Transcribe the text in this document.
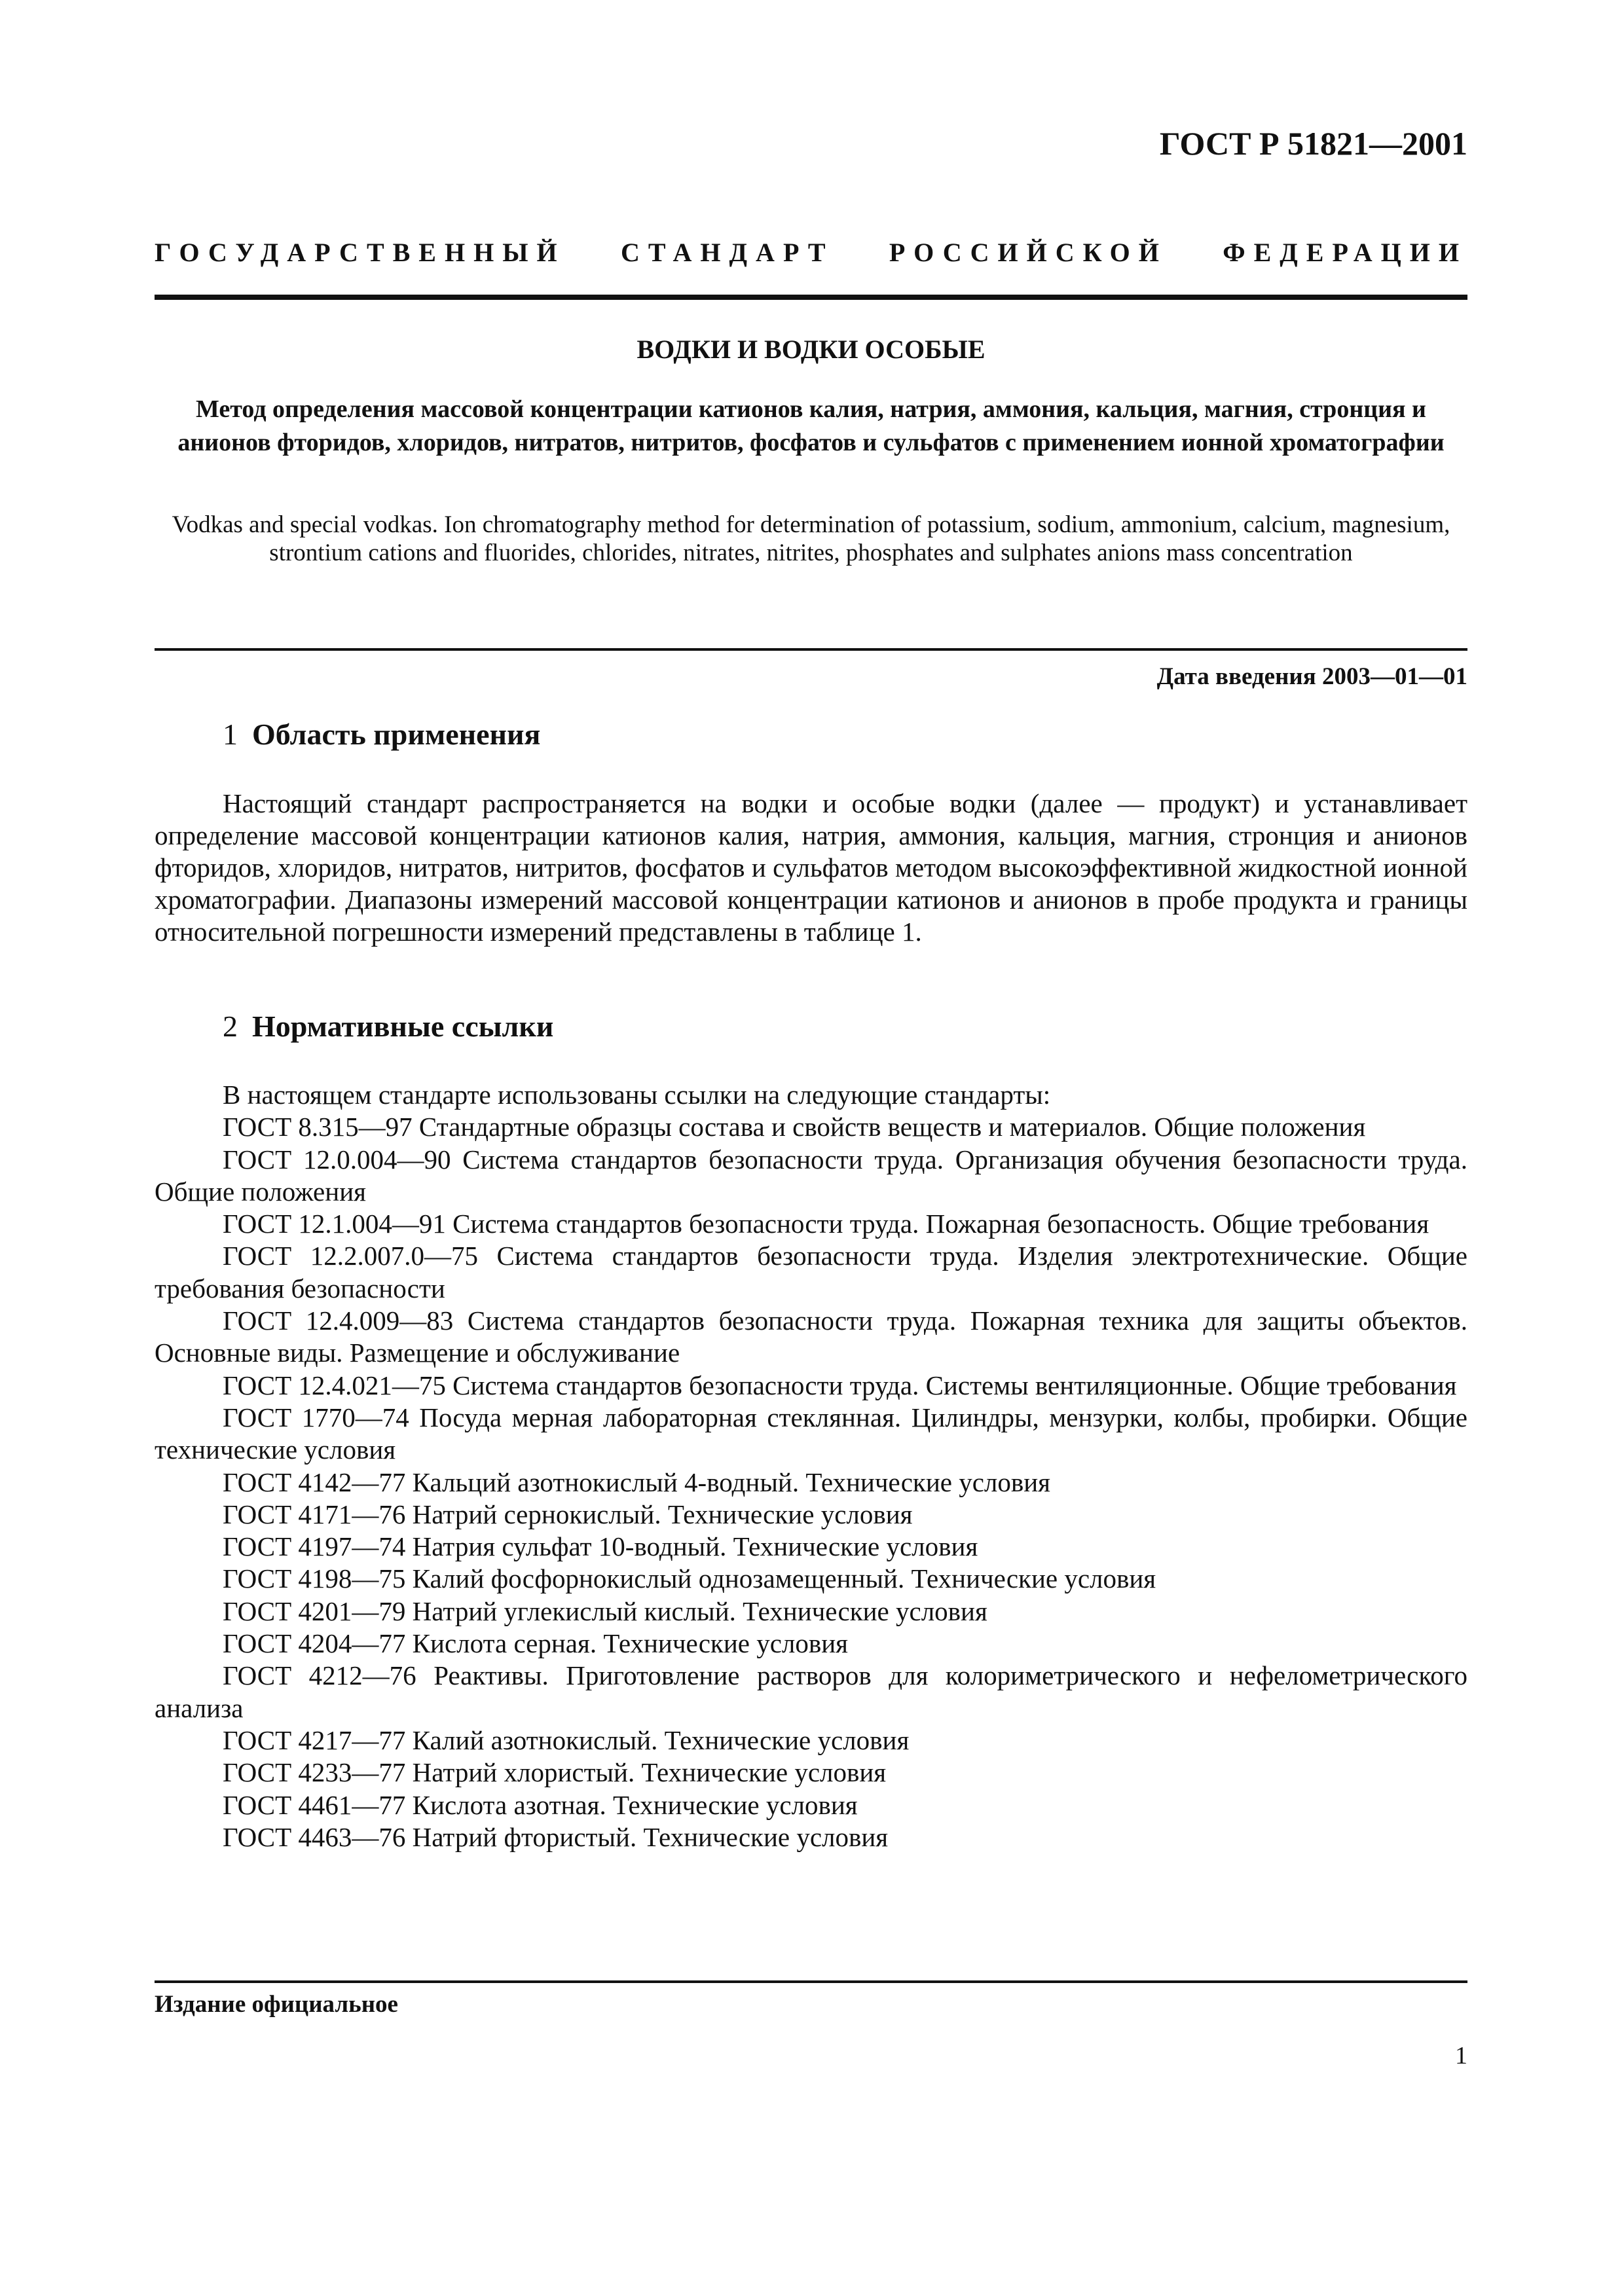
ГОСТ Р 51821—2001
ГОСУДАРСТВЕННЫЙ СТАНДАРТ РОССИЙСКОЙ ФЕДЕРАЦИИ
ВОДКИ И ВОДКИ ОСОБЫЕ
Метод определения массовой концентрации катионов калия, натрия, аммония, кальция, магния, стронция и анионов фторидов, хлоридов, нитратов, нитритов, фосфатов и сульфатов с применением ионной хроматографии
Vodkas and special vodkas. Ion chromatography method for determination of potassium, sodium, ammonium, calcium, magnesium, strontium cations and fluorides, chlorides, nitrates, nitrites, phosphates and sulphates anions mass concentration
Дата введения 2003—01—01
1 Область применения
Настоящий стандарт распространяется на водки и особые водки (далее — продукт) и устанавливает определение массовой концентрации катионов калия, натрия, аммония, кальция, магния, стронция и анионов фторидов, хлоридов, нитратов, нитритов, фосфатов и сульфатов методом высокоэффективной жидкостной ионной хроматографии. Диапазоны измерений массовой концентрации катионов и анионов в пробе продукта и границы относительной погрешности измерений представлены в таблице 1.
2 Нормативные ссылки
В настоящем стандарте использованы ссылки на следующие стандарты:
ГОСТ 8.315—97 Стандартные образцы состава и свойств веществ и материалов. Общие положения
ГОСТ 12.0.004—90 Система стандартов безопасности труда. Организация обучения безопасности труда. Общие положения
ГОСТ 12.1.004—91 Система стандартов безопасности труда. Пожарная безопасность. Общие требования
ГОСТ 12.2.007.0—75 Система стандартов безопасности труда. Изделия электротехнические. Общие требования безопасности
ГОСТ 12.4.009—83 Система стандартов безопасности труда. Пожарная техника для защиты объектов. Основные виды. Размещение и обслуживание
ГОСТ 12.4.021—75 Система стандартов безопасности труда. Системы вентиляционные. Общие требования
ГОСТ 1770—74 Посуда мерная лабораторная стеклянная. Цилиндры, мензурки, колбы, пробирки. Общие технические условия
ГОСТ 4142—77 Кальций азотнокислый 4-водный. Технические условия
ГОСТ 4171—76 Натрий сернокислый. Технические условия
ГОСТ 4197—74 Натрия сульфат 10-водный. Технические условия
ГОСТ 4198—75 Калий фосфорнокислый однозамещенный. Технические условия
ГОСТ 4201—79 Натрий углекислый кислый. Технические условия
ГОСТ 4204—77 Кислота серная. Технические условия
ГОСТ 4212—76 Реактивы. Приготовление растворов для колориметрического и нефелометрического анализа
ГОСТ 4217—77 Калий азотнокислый. Технические условия
ГОСТ 4233—77 Натрий хлористый. Технические условия
ГОСТ 4461—77 Кислота азотная. Технические условия
ГОСТ 4463—76 Натрий фтористый. Технические условия
Издание официальное
1
